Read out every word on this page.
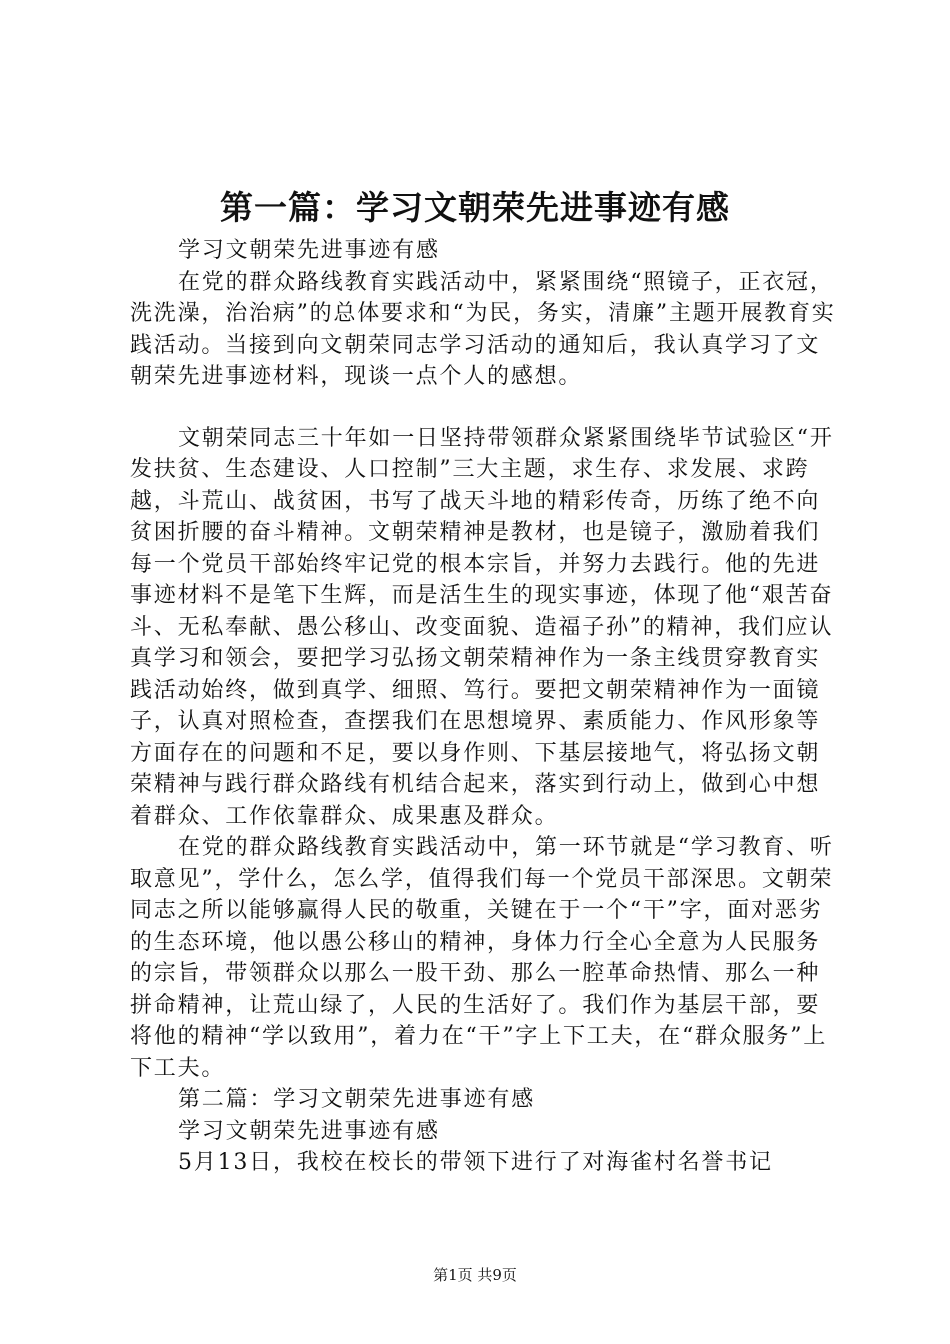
第一篇：学习文朝荣先进事迹有感

学习文朝荣先进事迹有感

在党的群众路线教育实践活动中，紧紧围绕“照镜子，正衣冠，洗洗澡，治治病”的总体要求和“为民，务实，清廉”主题开展教育实践活动。当接到向文朝荣同志学习活动的通知后，我认真学习了文朝荣先进事迹材料，现谈一点个人的感想。

文朝荣同志三十年如一日坚持带领群众紧紧围绕毕节试验区“开发扶贫、生态建设、人口控制”三大主题，求生存、求发展、求跨越，斗荒山、战贫困，书写了战天斗地的精彩传奇，历练了绝不向贫困折腰的奋斗精神。文朝荣精神是教材，也是镜子，激励着我们每一个党员干部始终牢记党的根本宗旨，并努力去践行。他的先进事迹材料不是笔下生辉，而是活生生的现实事迹，体现了他“艰苦奋斗、无私奉献、愚公移山、改变面貌、造福子孙”的精神，我们应认真学习和领会，要把学习弘扬文朝荣精神作为一条主线贯穿教育实践活动始终，做到真学、细照、笃行。要把文朝荣精神作为一面镜子，认真对照检查，查摆我们在思想境界、素质能力、作风形象等方面存在的问题和不足，要以身作则、下基层接地气，将弘扬文朝荣精神与践行群众路线有机结合起来，落实到行动上，做到心中想着群众、工作依靠群众、成果惠及群众。

在党的群众路线教育实践活动中，第一环节就是“学习教育、听取意见”，学什么，怎么学，值得我们每一个党员干部深思。文朝荣同志之所以能够赢得人民的敬重，关键在于一个“干”字，面对恶劣的生态环境，他以愚公移山的精神，身体力行全心全意为人民服务的宗旨，带领群众以那么一股干劲、那么一腔革命热情、那么一种拼命精神，让荒山绿了，人民的生活好了。我们作为基层干部，要将他的精神“学以致用”，着力在“干”字上下工夫，在“群众服务”上下工夫。

第二篇：学习文朝荣先进事迹有感

学习文朝荣先进事迹有感

5月13日，我校在校长的带领下进行了对海雀村名誉书记

第1页 共9页
